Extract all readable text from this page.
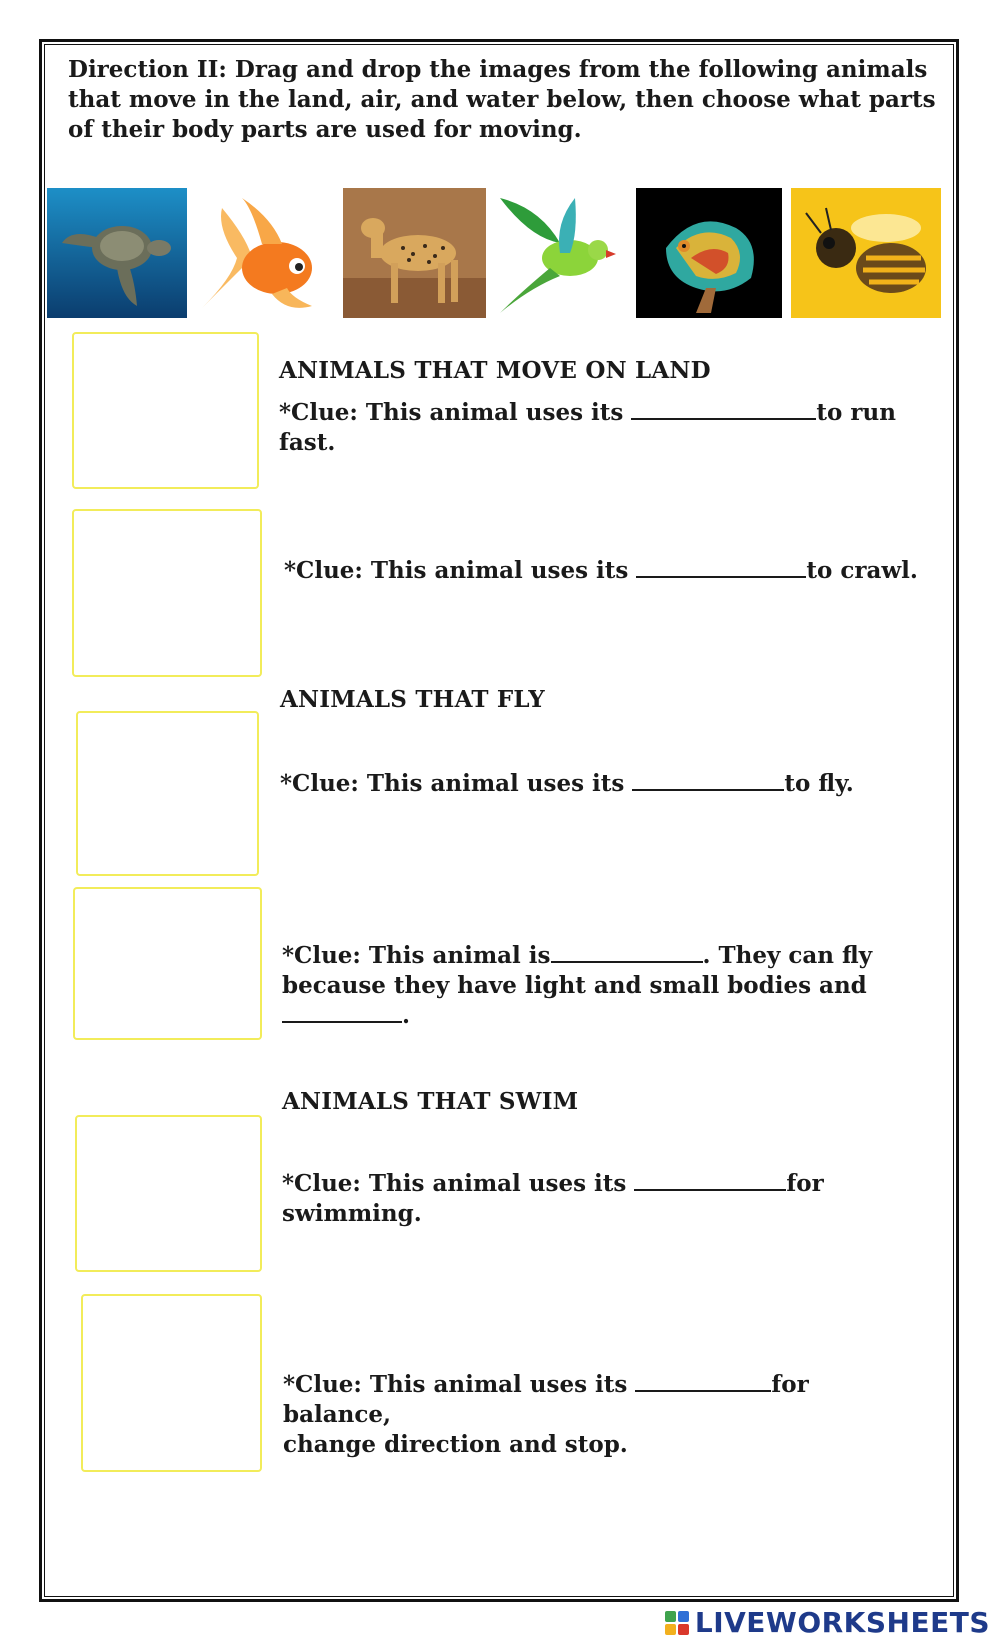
Direction II: Drag and drop the images from the following animals that move in the land, air, and water below, then choose what parts of their body parts are used for moving.

ANIMALS THAT MOVE ON LAND

ANIMALS THAT FLY

ANIMALS THAT SWIM

*Clue: This animal uses its	to run
fast.

*Clue: This animal uses its	to crawl.

*Clue: This animal uses its	to fly.

*Clue: This animal is	. They can fly
because they have light and small bodies and
.

*Clue: This animal uses its	for
swimming.

*Clue: This animal uses its	for balance,
change direction and stop.

LIVEWORKSHEETS
